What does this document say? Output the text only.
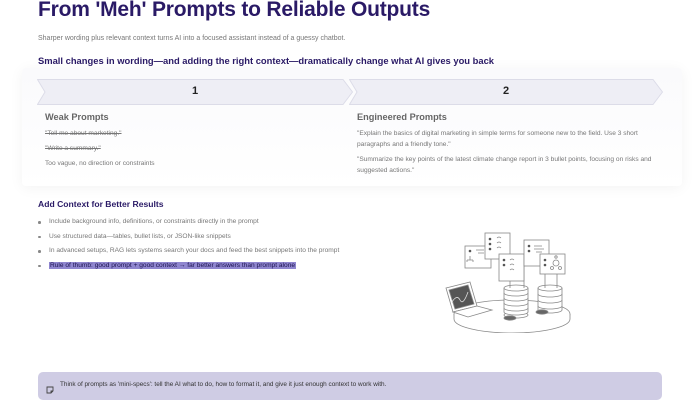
From 'Meh' Prompts to Reliable Outputs
Sharper wording plus relevant context turns AI into a focused assistant instead of a guessy chatbot.
Small changes in wording—and adding the right context—dramatically change what AI gives you back
1	2
Weak Prompts

"Tell me about marketing."

"Write a summary."

Too vague, no direction or constraints

Engineered Prompts

"Explain the basics of digital marketing in simple terms for someone new to the field. Use 3 short paragraphs and a friendly tone."

"Summarize the key points of the latest climate change report in 3 bullet points, focusing on risks and suggested actions."

Add Context for Better Results
Include background info, definitions, or constraints directly in the prompt
Use structured data—tables, bullet lists, or JSON-like snippets
In advanced setups, RAG lets systems search your docs and feed the best snippets into the prompt
Rule of thumb: good prompt + good context → far better answers than prompt alone
Think of prompts as 'mini-specs': tell the AI what to do, how to format it, and give it just enough context to work with.
